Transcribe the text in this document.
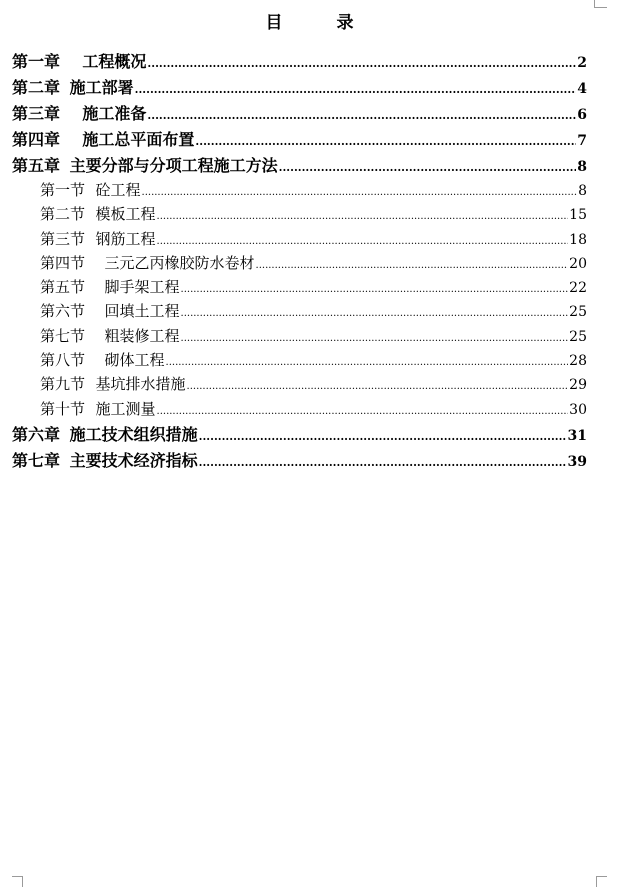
目 录
第一章 工程概况 .....	2
第二章 施工部署 .....	4
第三章 施工准备 .....	6
第四章 施工总平面布置 .....	7
第五章 主要分部与分项工程施工方法 .....	8
第一节 砼工程 .....	8
第二节 模板工程 .....	15
第三节 钢筋工程 .....	18
第四节 三元乙丙橡胶防水卷材 .....	20
第五节 脚手架工程 .....	22
第六节 回填土工程 .....	25
第七节 粗装修工程 .....	25
第八节 砌体工程 .....	28
第九节 基坑排水措施 .....	29
第十节 施工测量 .....	30
第六章 施工技术组织措施 .....	31
第七章 主要技术经济指标 .....	39
